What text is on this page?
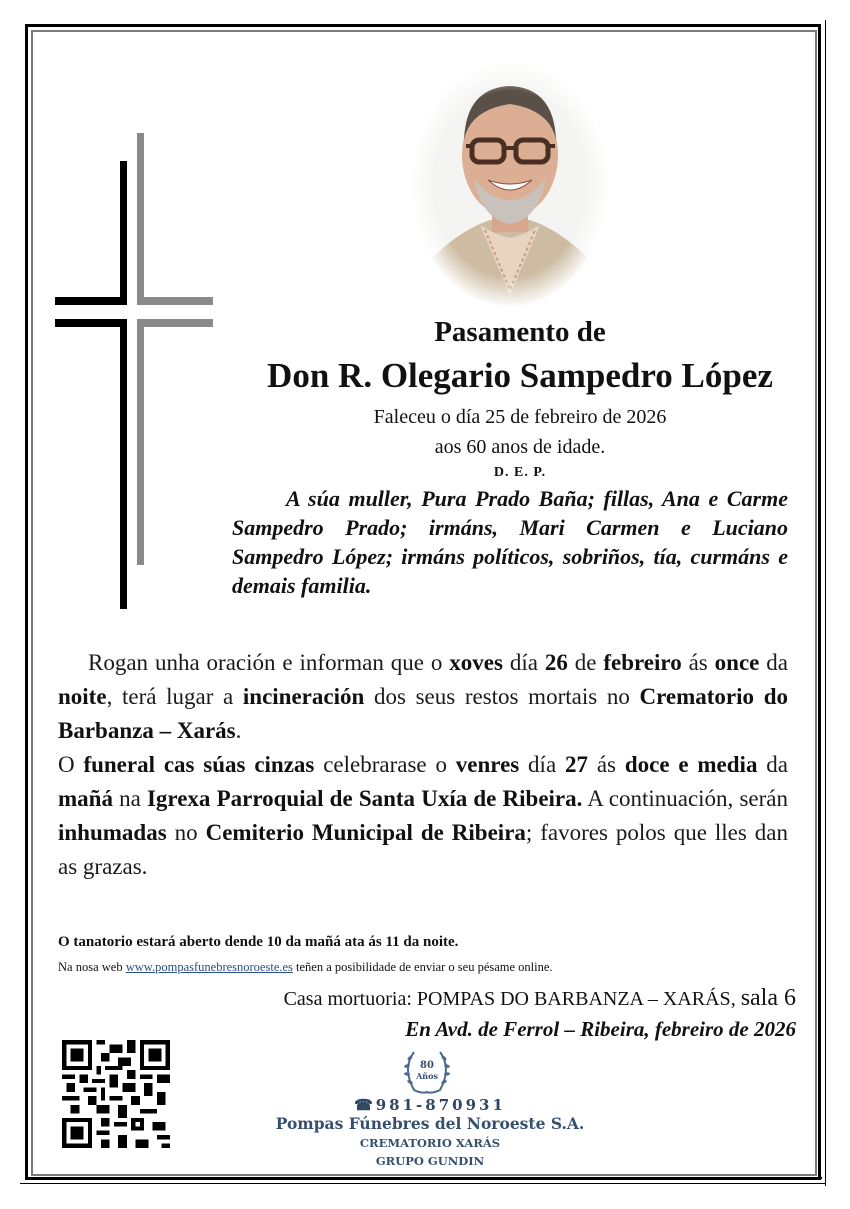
Pasamento de
Don R. Olegario Sampedro López
Faleceu o día 25 de febreiro de 2026
aos 60 anos de idade.
D. E. P.
A súa muller, Pura Prado Baña; fillas, Ana e Carme Sampedro Prado; irmáns, Mari Carmen e Luciano Sampedro López; irmáns políticos, sobriños, tía, curmáns e demais familia.
Rogan unha oración e informan que o xoves día 26 de febreiro ás once da noite, terá lugar a incineración dos seus restos mortais no Crematorio do Barbanza – Xarás.
O funeral cas súas cinzas celebrarase o venres día 27 ás doce e media da mañá na Igrexa Parroquial de Santa Uxía de Ribeira. A continuación, serán inhumadas no Cemiterio Municipal de Ribeira; favores polos que lles dan as grazas.
O tanatorio estará aberto dende 10 da mañá ata ás 11 da noite.
Na nosa web www.pompasfunebresnoroeste.es teñen a posibilidade de enviar o seu pésame online.
Casa mortuoria: POMPAS DO BARBANZA – XARÁS, sala 6
En Avd. de Ferrol – Ribeira, febreiro de 2026
80
Años
☎981-870931
Pompas Fúnebres del Noroeste S.A.
CREMATORIO XARÁS
GRUPO GUNDIN
